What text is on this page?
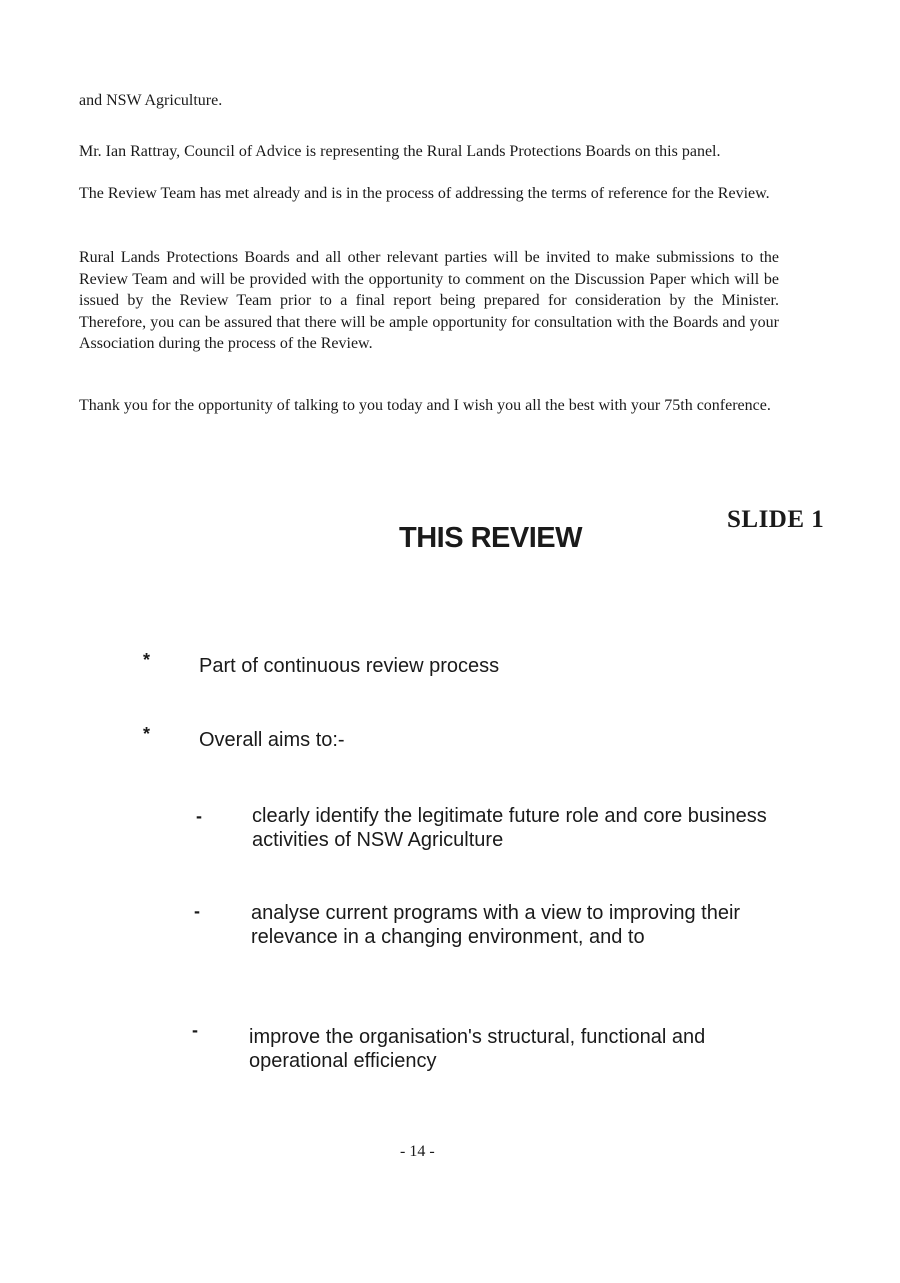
and NSW Agriculture.

Mr. Ian Rattray, Council of Advice is representing the Rural Lands Protections Boards on this panel.

The Review Team has met already and is in the process of addressing the terms of reference for the Review.

Rural Lands Protections Boards and all other relevant parties will be invited to make submissions to the Review Team and will be provided with the opportunity to comment on the Discussion Paper which will be issued by the Review Team prior to a final report being prepared for consideration by the Minister. Therefore, you can be assured that there will be ample opportunity for consultation with the Boards and your Association during the process of the Review.

Thank you for the opportunity of talking to you today and I wish you all the best with your 75th conference.

SLIDE 1
THIS REVIEW
* Part of continuous review process
* Overall aims to:-
-	clearly identify the legitimate future role and core business activities of NSW Agriculture
-	analyse current programs with a view to improving their relevance in a changing environment, and to
-	improve the organisation's structural, functional and operational efficiency
- 14 -
